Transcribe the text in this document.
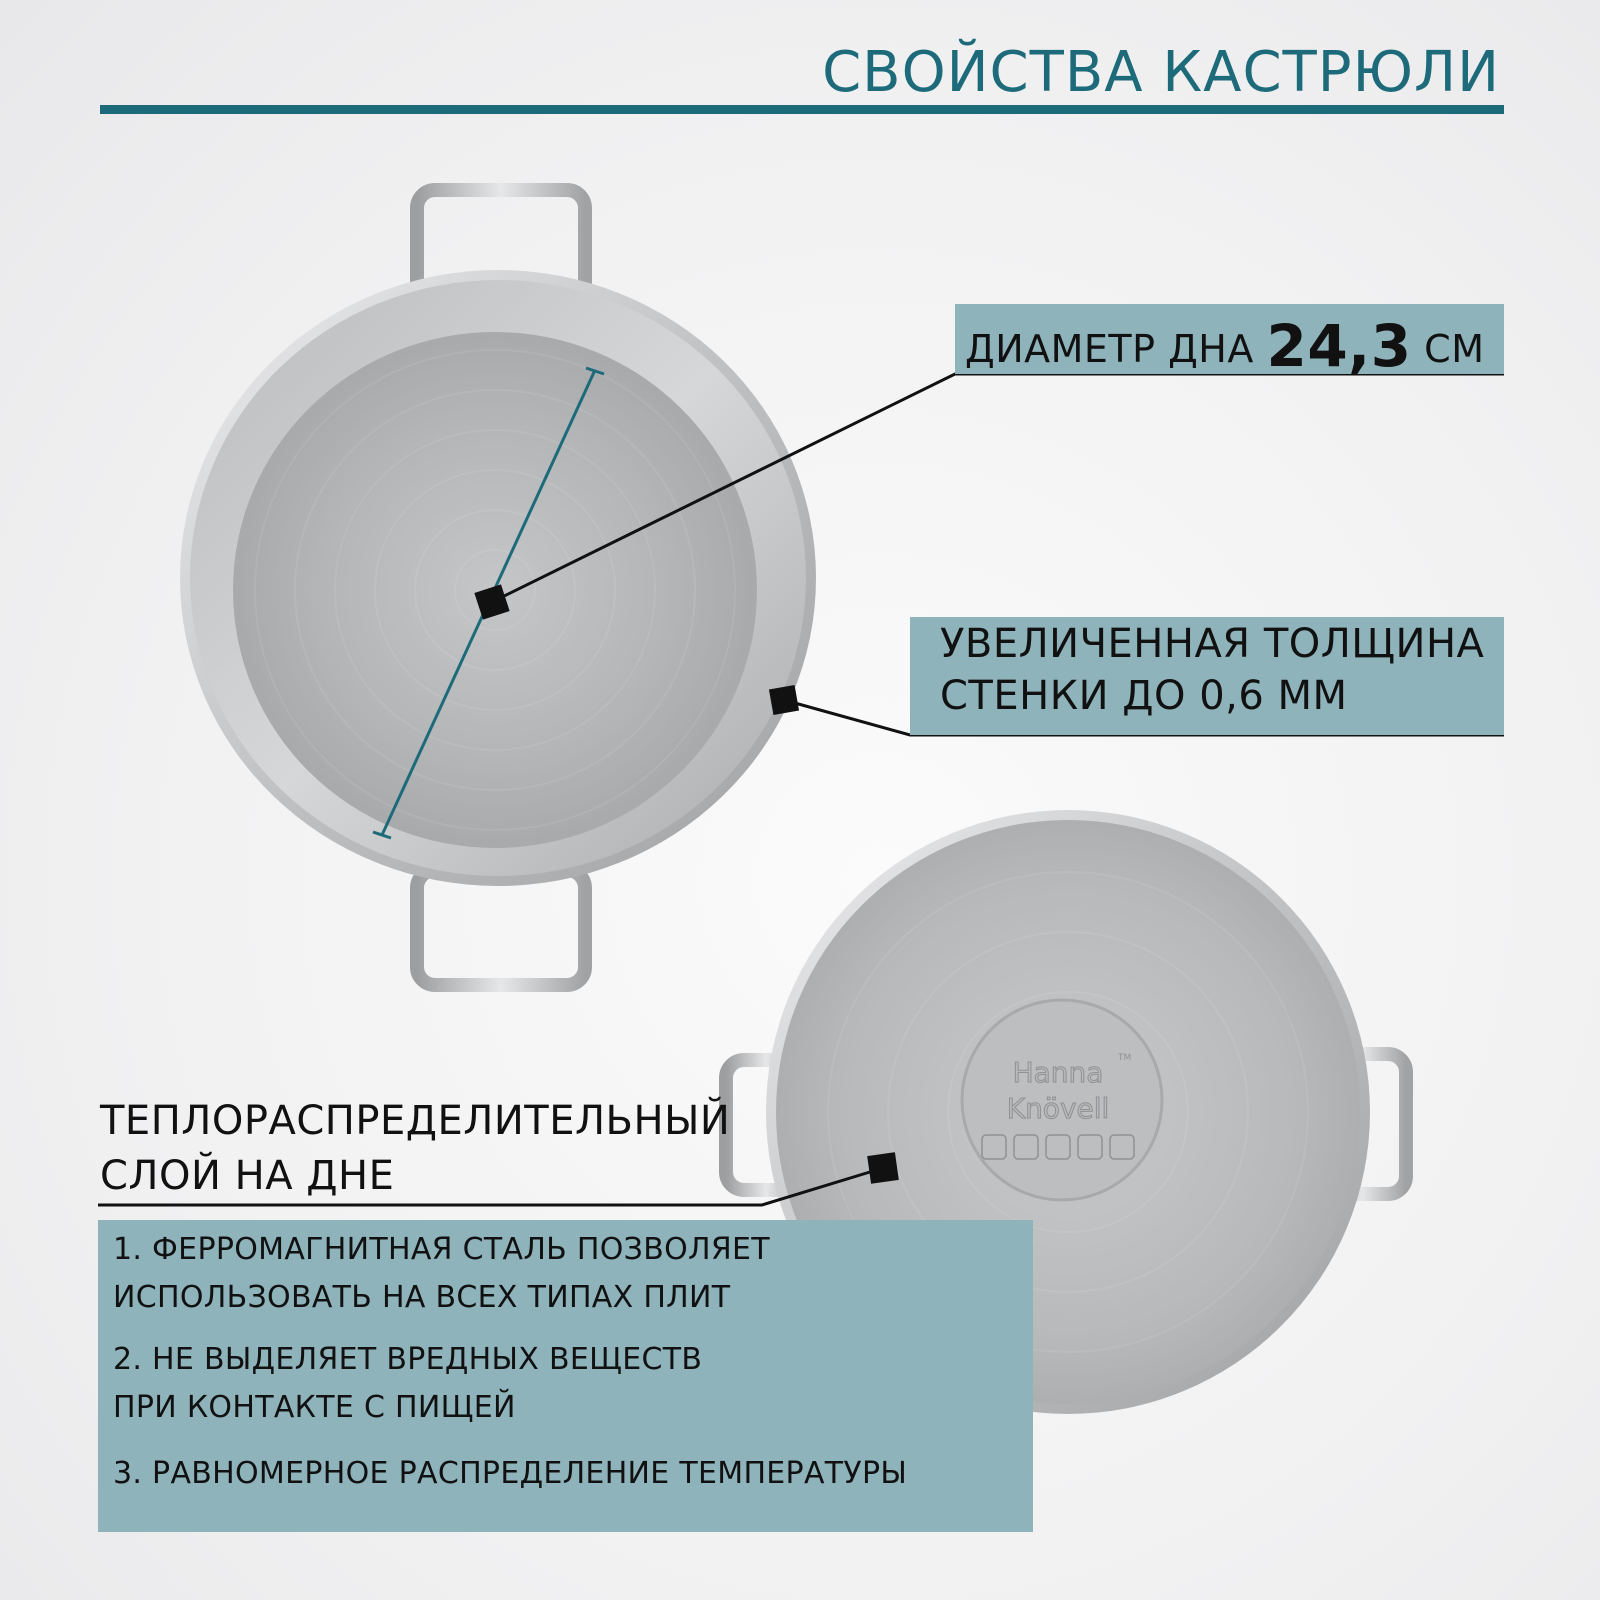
СВОЙСТВА КАСТРЮЛИ
Hanna
Knövell
TM
ДИАМЕТР ДНА 24,3 СМ
УВЕЛИЧЕННАЯ ТОЛЩИНА
СТЕНКИ ДО 0,6 ММ
ТЕПЛОРАСПРЕДЕЛИТЕЛЬНЫЙ
СЛОЙ НА ДНЕ
1. ФЕРРОМАГНИТНАЯ СТАЛЬ ПОЗВОЛЯЕТ
ИСПОЛЬЗОВАТЬ НА ВСЕХ ТИПАХ ПЛИТ
2. НЕ ВЫДЕЛЯЕТ ВРЕДНЫХ ВЕЩЕСТВ
ПРИ КОНТАКТЕ С ПИЩЕЙ
3. РАВНОМЕРНОЕ РАСПРЕДЕЛЕНИЕ ТЕМПЕРАТУРЫ
